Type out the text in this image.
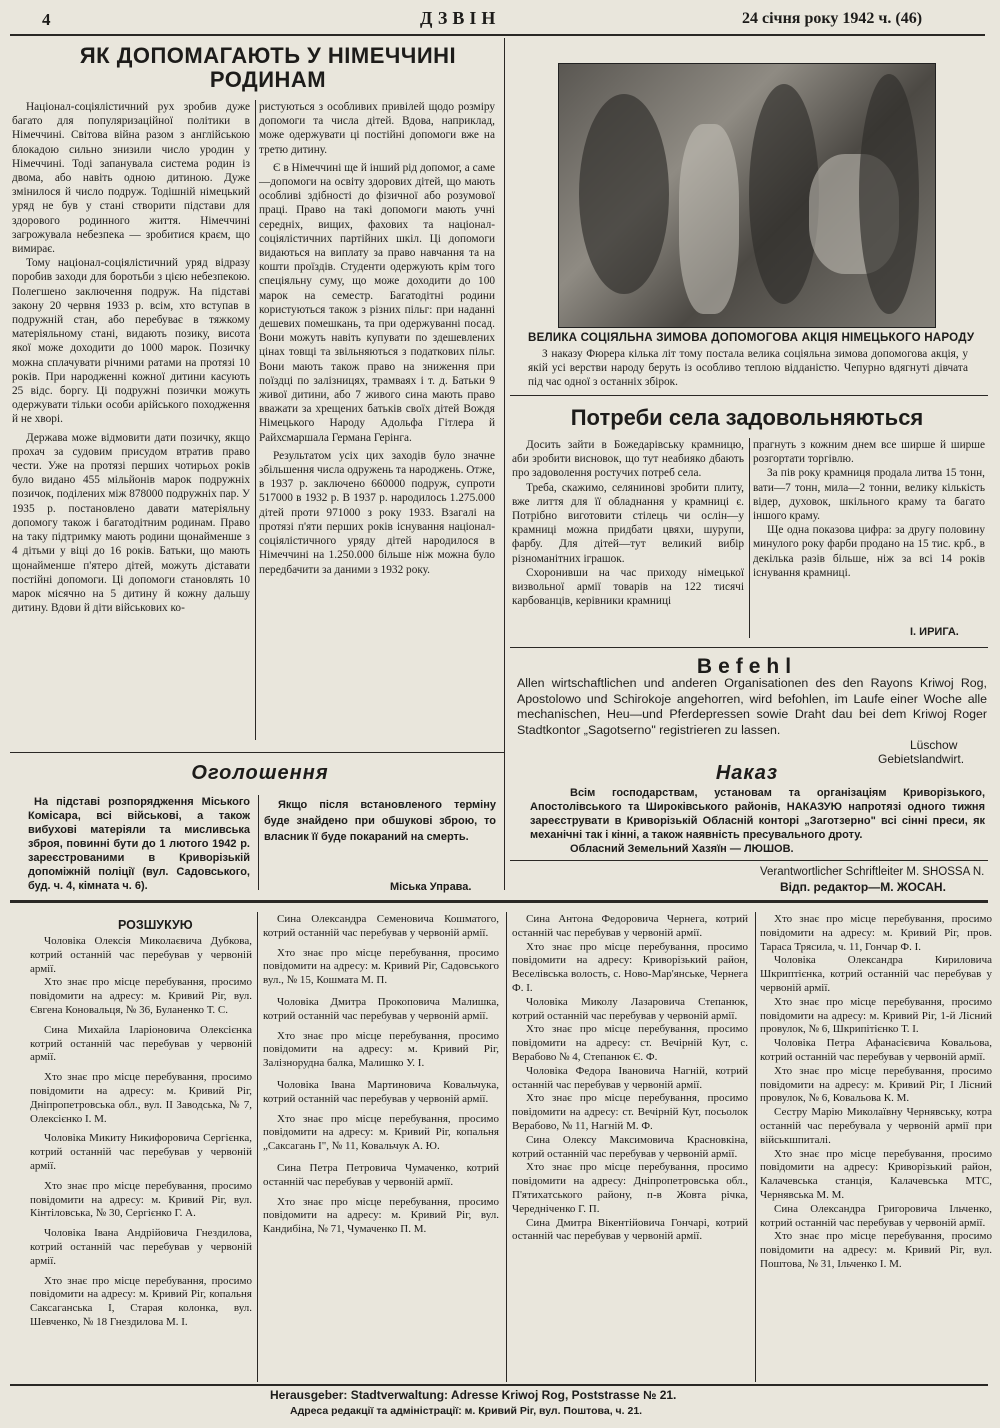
4	ДЗВІН	24 січня року 1942 ч. (46)
ЯК ДОПОМАГАЮТЬ У НІМЕЧЧИНІ
РОДИНАМ

Націонал-соціялістичний рух зробив дуже багато для популяризаційної політики в Німеччині. Світова війна разом з англійською блокадою сильно знизили число уродин у Німеччині. Тоді запанувала система родин із двома, або навіть одною дитиною. Дуже змінилося й число подруж. Тодішній німецький уряд не був у стані створити підстави для здорового родинного життя. Німеччині загрожувала небезпека — зробитися краєм, що вимирає.

Тому націонал-соціялістичний уряд відразу поробив заходи для боротьби з цією небезпекою. Полегшено заключення подруж. На підставі закону 20 червня 1933 р. всім, хто вступав в подружній стан, або перебуває в тяжкому матеріяльному стані, видають позику, висота якої може доходити до 1000 марок. Позичку можна сплачувати річними ратами на протязі 10 років. При народженні кожної дитини касують 25 відс. боргу. Ці подружні позички можуть одержувати тільки особи арійського походження й не хворі.

Держава може відмовити дати позичку, якщо прохач за судовим присудом втратив право чести. Уже на протязі перших чотирьох років було видано 455 мільйонів марок подружніх позичок, поділених між 878000 подружніх пар. У 1935 р. постановлено давати матеріяльну допомогу також і багатодітним родинам. Право на таку підтримку мають родини щонайменше з 4 дітьми у віці до 16 років. Батьки, що мають щонайменше п'ятеро дітей, можуть діставати постійні допомоги. Ці допомоги становлять 10 марок місячно на 5 дитину й кожну дальшу дитину. Вдови й діти військових ко-

ристуються з особливих привілей щодо розміру допомоги та числа дітей. Вдова, наприклад, може одержувати ці постійні допомоги вже на третю дитину.

Є в Німеччині ще й інший рід допомог, а саме—допомоги на освіту здорових дітей, що мають особливі здібності до фізичної або розумової праці. Право на такі допомоги мають учні середніх, вищих, фахових та націонал-соціялістичних партійних шкіл. Ці допомоги видаються на виплату за право навчання та на кошти проїздів. Студенти одержують крім того спеціяльну суму, що може доходити до 100 марок на семестр. Багатодітні родини користуються також з різних пільг: при наданні дешевих помешкань, та при одержуванні посад. Вони можуть навіть купувати по здешевлених цінах товщі та звільняються з податкових пільг. Вони мають також право на зниження при поїздці по залізницях, трамваях і т. д. Батьки 9 живої дитини, або 7 живого сина мають право вважати за хрещених батьків своїх дітей Вождя Німецького Народу Адольфа Гітлера й Райхсмаршала Германа Герінга.

Результатом усіх цих заходів було значне збільшення числа одружень та народжень. Отже, в 1937 р. заключено 660000 подруж, супроти 517000 в 1932 р. В 1937 р. народилось 1.275.000 дітей проти 971000 з року 1933. Взагалі на протязі п'яти перших років існування націонал-соціялістичного уряду дітей народилося в Німеччині на 1.250.000 більше ніж можна було передбачити за даними з 1932 року.

ВЕЛИКА СОЦІЯЛЬНА ЗИМОВА ДОПОМОГОВА АКЦІЯ НІМЕЦЬКОГО НАРОДУ

З наказу Фюрера кілька літ тому постала велика соціяльна зимова допомогова акція, у якій усі верстви народу беруть із особливо теплою відданістю. Чепурно вдягнуті дівчата під час одної з останніх збірок.

Потреби села задовольняються

Досить зайти в Божедарівську крамницю, аби зробити висновок, що тут неабияко дбають про задоволення ростучих потреб села.

Треба, скажимо, селянинові зробити плиту, вже лиття для її обладнання у крамниці є. Потрібно виготовити стілець чи ослін—у крамниці можна придбати цвяхи, шурупи, фарбу. Для дітей—тут великий вибір різноманітних іграшок.

Схоронивши на час приходу німецької визвольної армії товарів на 122 тисячі карбованців, керівники крамниці

прагнуть з кожним днем все ширше й ширше розгортати торгівлю.

За пів року крамниця продала литва 15 тонн, вати—7 тонн, мила—2 тонни, велику кількість відер, духовок, шкільного краму та багато іншого краму.

Ще одна показова цифра: за другу половину минулого року фарби продано на 15 тис. крб., в декілька разів більше, ніж за всі 14 років існування крамниці.

І. ИРИГА.
Befehl
Allen wirtschaftlichen und anderen Organisationen des den Rayons Kriwoj Rog, Apostolowo und Schirokoje angehorren, wird befohlen, im Laufe einer Woche alle mechanischen, Heu—und Pferdepressen sowie Draht dau bei dem Kriwoj Roger Stadtkontor „Sagotserno" registrieren zu lassen.
Lüschow
Gebietslandwirt.
Наказ
Всім господарствам, установам та організаціям Криворізького, Апостолівського та Широківського районів, НАКАЗУЮ напротязі одного тижня зареєструвати в Криворізькій Обласній конторі „Заготзерно" всі сінні преси, як механічні так і кінні, а також наявність пресувального дроту.
Обласний Земельний Хазяїн — ЛЮШОВ.
Verantwortlicher Schriftleiter M. SHOSSA N.
Відп. редактор—М. ЖОСАН.
Оголошення
На підставі розпорядження Міського Комісара, всі військові, а також вибухові матеріяли та мисливська зброя, повинні бути до 1 лютого 1942 р. зареєстрованими в Криворізькій допоміжній поліції (вул. Садовського, буд. ч. 4, кімната ч. 6).
Якщо після встановленого терміну буде знайдено при обшукові зброю, то власник її буде покараний на смерть.
Міська Управа.
РОЗШУКУЮ

Чоловіка Олексія Миколаєвича Дубкова, котрий останній час перебував у червоній армії.

Хто знає про місце перебування, просимо повідомити на адресу: м. Кривий Ріг, вул. Євгена Коновальця, № 36, Буланенко Т. С.

Сина Михайла Іларіоновича Олексієнка котрий останній час перебував у червоній армії.

Хто знає про місце перебування, просимо повідомити на адресу: м. Кривий Ріг, Дніпропетровська обл., вул. II Заводська, № 7, Олексієнко І. М.

Чоловіка Микиту Никифоровича Сергієнка, котрий останній час перебував у червоній армії.

Хто знає про місце перебування, просимо повідомити на адресу: м. Кривий Ріг, вул. Кінтіловська, № 30, Сергієнко Г. А.

Чоловіка Івана Андрійовича Гнездилова, котрий останній час перебував у червоній армії.

Хто знає про місце перебування, просимо повідомити на адресу: м. Кривий Ріг, копальня Саксаганська І, Старая колонка, вул. Шевченко, № 18 Гнездилова М. І.

Сина Олександра Семеновича Кошматого, котрий останній час перебував у червоній армії.

Хто знає про місце перебування, просимо повідомити на адресу: м. Кривий Ріг, Садовського вул., № 15, Кошмата М. П.

Чоловіка Дмитра Прокоповича Малишка, котрий останній час перебував у червоній армії.

Хто знає про місце перебування, просимо повідомити на адресу: м. Кривий Ріг, Залізнорудна балка, Малишко У. І.

Чоловіка Івана Мартиновича Ковальчука, котрий останній час перебував у червоній армії.

Хто знає про місце перебування, просимо повідомити на адресу: м. Кривий Ріг, копальня „Саксагань І", № 11, Ковальчук А. Ю.

Сина Петра Петровича Чумаченко, котрий останній час перебував у червоній армії.

Хто знає про місце перебування, просимо повідомити на адресу: м. Кривий Ріг, вул. Кандибіна, № 71, Чумаченко П. М.

Сина Антона Федоровича Чернега, котрий останній час перебував у червоній армії.

Хто знає про місце перебування, просимо повідомити на адресу: Криворізький район, Веселівська волость, с. Ново-Мар'янське, Чернега Ф. І.

Чоловіка Миколу Лазаровича Степанюк, котрий останній час перебував у червоній армії.

Хто знає про місце перебування, просимо повідомити на адресу: ст. Вечірній Кут, с. Верабово № 4, Степанюк Є. Ф.

Чоловіка Федора Івановича Нагній, котрий останній час перебував у червоній армії.

Хто знає про місце перебування, просимо повідомити на адресу: ст. Вечірній Кут, посьолок Верабово, № 11, Нагній М. Ф.

Сина Олексу Максимовича Красновкіна, котрий останній час перебував у червоній армії.

Хто знає про місце перебування, просимо повідомити на адресу: Дніпропетровська обл., П'ятихатського району, п-в Жовта річка, Чередніченко Г. П.

Сина Дмитра Вікентійовича Гончарі, котрий останній час перебував у червоній армії.

Хто знає про місце перебування, просимо повідомити на адресу: м. Кривий Ріг, пров. Тараса Трясила, ч. 11, Гончар Ф. І.

Чоловіка Олександра Кириловича Шкриптієнка, котрий останній час перебував у червоній армії.

Хто знає про місце перебування, просимо повідомити на адресу: м. Кривий Ріг, 1-й Лісний провулок, № 6, Шкрипітієнко Т. І.

Чоловіка Петра Афанасієвича Ковальова, котрий останній час перебував у червоній армії.

Хто знає про місце перебування, просимо повідомити на адресу: м. Кривий Ріг, І Лісний провулок, № 6, Ковальова К. М.

Сестру Марію Миколаївну Чернявську, котра останній час перебувала у червоній армії при військшпиталі.

Хто знає про місце перебування, просимо повідомити на адресу: Криворізький район, Калачевська станція, Калачевська МТС, Чернявська М. М.

Сина Олександра Григоровича Ільченко, котрий останній час перебував у червоній армії.

Хто знає про місце перебування, просимо повідомити на адресу: м. Кривий Ріг, вул. Поштова, № 31, Ільченко І. М.

Herausgeber: Stadtverwaltung: Adresse Kriwoj Rog, Poststrasse № 21.
Адреса редакції та адміністрації: м. Кривий Ріг, вул. Поштова, ч. 21.
